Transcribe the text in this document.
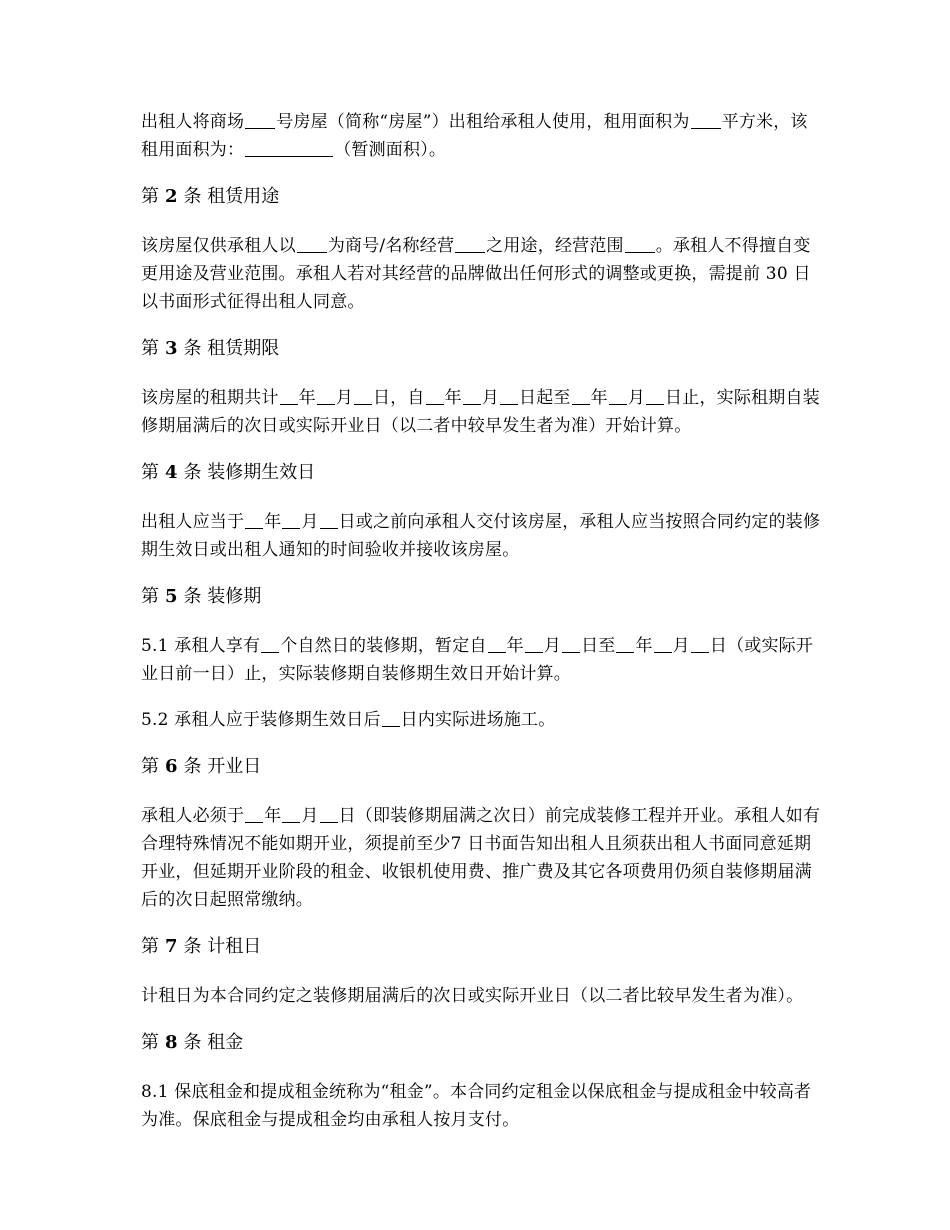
出租人将商场 号房屋（简称“房屋”）出租给承租人使用，租用面积为 平方米，该租用面积为：	（暂测面积）。

第 2 条 租赁用途

该房屋仅供承租人以 为商号/名称经营 之用途，经营范围 。承租人不得擅自变更用途及营业范围。承租人若对其经营的品牌做出任何形式的调整或更换，需提前 30 日以书面形式征得出租人同意。

第 3 条 租赁期限

该房屋的租期共计 年 月 日，自 年 月 日起至 年 月 日止，实际租期自装修期届满后的次日或实际开业日（以二者中较早发生者为准）开始计算。

第 4 条 装修期生效日

出租人应当于 年 月 日或之前向承租人交付该房屋，承租人应当按照合同约定的装修期生效日或出租人通知的时间验收并接收该房屋。

第 5 条 装修期

5.1 承租人享有 个自然日的装修期，暂定自 年 月 日至 年 月 日（或实际开业日前一日）止，实际装修期自装修期生效日开始计算。

5.2 承租人应于装修期生效日后 日内实际进场施工。

第 6 条 开业日

承租人必须于 年 月 日（即装修期届满之次日）前完成装修工程并开业。承租人如有合理特殊情况不能如期开业，须提前至少7 日书面告知出租人且须获出租人书面同意延期开业，但延期开业阶段的租金、收银机使用费、推广费及其它各项费用仍须自装修期届满后的次日起照常缴纳。

第 7 条 计租日

计租日为本合同约定之装修期届满后的次日或实际开业日（以二者比较早发生者为准）。

第 8 条 租金

8.1 保底租金和提成租金统称为“租金”。本合同约定租金以保底租金与提成租金中较高者为准。保底租金与提成租金均由承租人按月支付。
